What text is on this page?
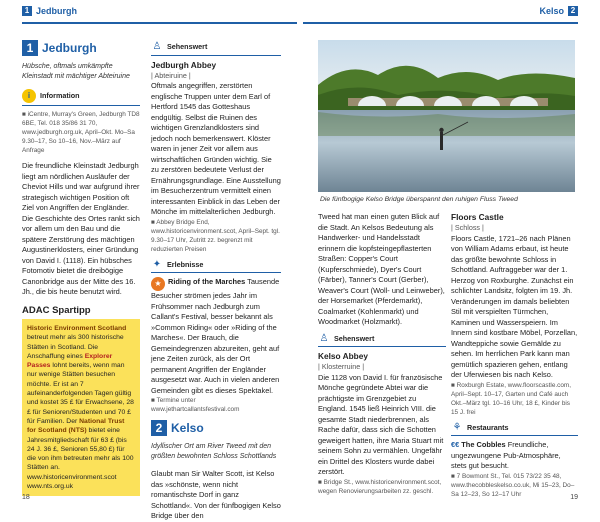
1 Jedburgh	Kelso 2
1 Jedburgh
Hübsche, oftmals umkämpfte Kleinstadt mit mächtiger Abteiruine
i	Information
■ iCentre, Murray's Green, Jedburgh TD8 6BE, Tel. 018 35/86 31 70, www.jedburgh.org.uk, April–Okt. Mo–Sa 9.30–17, So 10–16, Nov.–März auf Anfrage
Die freundliche Kleinstadt Jedburgh liegt am nördlichen Ausläufer der Cheviot Hills und war aufgrund ihrer strategisch wichtigen Position oft Ziel von Angriffen der Engländer. Die Geschichte des Ortes rankt sich vor allem um den Bau und die spätere Zerstörung des mächtigen Augustinerklosters, einer Gründung von David I. (1118). Ein hübsches Fotomotiv bietet die dreibögige Canonbridge aus der Mitte des 16. Jh., die bis heute benutzt wird.
ADAC Spartipp
Historic Environment Scotland betreut mehr als 300 historische Stätten in Scotland. Die Anschaffung eines Explorer Passes lohnt bereits, wenn man nur wenige Stätten besuchen möchte. Er ist an 7 aufeinanderfolgenden Tagen gültig und kostet 35 £ für Erwachsene, 28 £ für Senioren/Studenten und 70 £ für Familien. Der National Trust for Scotland (NTS) bietet eine Jahresmitgliedschaft für 63 £ (bis 24 J. 36 £, Senioren 55,80 £) für die von ihm betreuten mehr als 100 Stätten an.
www.historicenvironment.scot
www.nts.org.uk
♙ Sehenswert
Jedburgh Abbey
| Abteiruine |
Oftmals angegriffen, zerstörten englische Truppen unter dem Earl of Hertford 1545 das Gotteshaus endgültig. Selbst die Ruinen des wichtigen Grenzlandklosters sind jedoch noch bemerkenswert. Klöster waren in jener Zeit vor allem aus wirtschaftlichen Gründen wichtig. Sie zu zerstören bedeutete Verlust der Ernährungsgrundlage. Eine Ausstellung im Besucherzentrum vermittelt einen interessanten Einblick in das Leben der Mönche im mittelalterlichen Jedburgh.
■ Abbey Bridge End, www.historicenvironment.scot, April–Sept. tgl. 9.30–17 Uhr, Zutritt zz. begrenzt mit reduzierten Preisen
✦ Erlebnisse
★ Riding of the Marches Tausende Besucher strömen jedes Jahr im Frühsommer nach Jedburgh zum Callant's Festival, besser bekannt als »Common Riding« oder »Riding of the Marches«. Der Brauch, die Gemeindegrenzen abzureiten, geht auf jene Zeiten zurück, als der Ort permanent Angriffen der Engländer ausgesetzt war. Auch in vielen anderen Gemeinden gibt es dieses Spektakel.
■ Termine unter www.jethartcallantsfestival.com
2 Kelso
Idyllischer Ort am River Tweed mit den größten bewohnten Schloss Schottlands
Glaubt man Sir Walter Scott, ist Kelso das »schönste, wenn nicht romantischste Dorf in ganz Schottland«. Von der fünfbogigen Kelso Bridge über den
Die fünfbogige Kelso Bridge überspannt den ruhigen Fluss Tweed
Tweed hat man einen guten Blick auf die Stadt. An Kelsos Bedeutung als Handwerker- und Handelsstadt erinnern die kopfsteingepflasterten Straßen: Copper's Court (Kupferschmiede), Dyer's Court (Färber), Tanner's Court (Gerber), Weaver's Court (Woll- und Leinweber), der Horsemarket (Pferdemarkt), Coalmarket (Kohlenmarkt) und Woodmarket (Holzmarkt).
♙ Sehenswert
Kelso Abbey
| Klosterruine |
Die 1128 von David I. für französische Mönche gegründete Abtei war die prächtigste im Grenzgebiet zu England. 1545 ließ Heinrich VIII. die gesamte Stadt niederbrennen, als Rache dafür, dass sich die Schotten geweigert hatten, ihre Maria Stuart mit seinem Sohn zu vermählen. Ungefähr ein Drittel des Klosters wurde dabei zerstört.
■ Bridge St., www.historicenvironment.scot, wegen Renovierungsarbeiten zz. geschl.
Floors Castle
| Schloss |
Floors Castle, 1721–26 nach Plänen von William Adams erbaut, ist heute das größte bewohnte Schloss in Schottland. Auftraggeber war der 1. Herzog von Roxburghe. Zunächst ein schlichter Landsitz, folgten im 19. Jh. Veränderungen im damals beliebten Stil mit verspielten Türmchen, Kaminen und Wasserspeiern. Im Innern sind kostbare Möbel, Porzellan, Wandteppiche sowie Gemälde zu sehen. Im herrlichen Park kann man gemütlich spazieren gehen, entlang der Uferwiesen bis nach Kelso.
■ Roxburgh Estate, www.floorscastle.com, April–Sept. 10–17, Garten und Café auch Okt.–März tgl. 10–16 Uhr, 18 £, Kinder bis 15 J. frei
⚘ Restaurants
€€ The Cobbles Freundliche, ungezwungene Pub-Atmosphäre, stets gut besucht.
■ 7 Bowmont St., Tel. 015 73/22 35 48, www.thecobbleskelso.co.uk, Mi 15–23, Do–Sa 12–23, So 12–17 Uhr
18	19
